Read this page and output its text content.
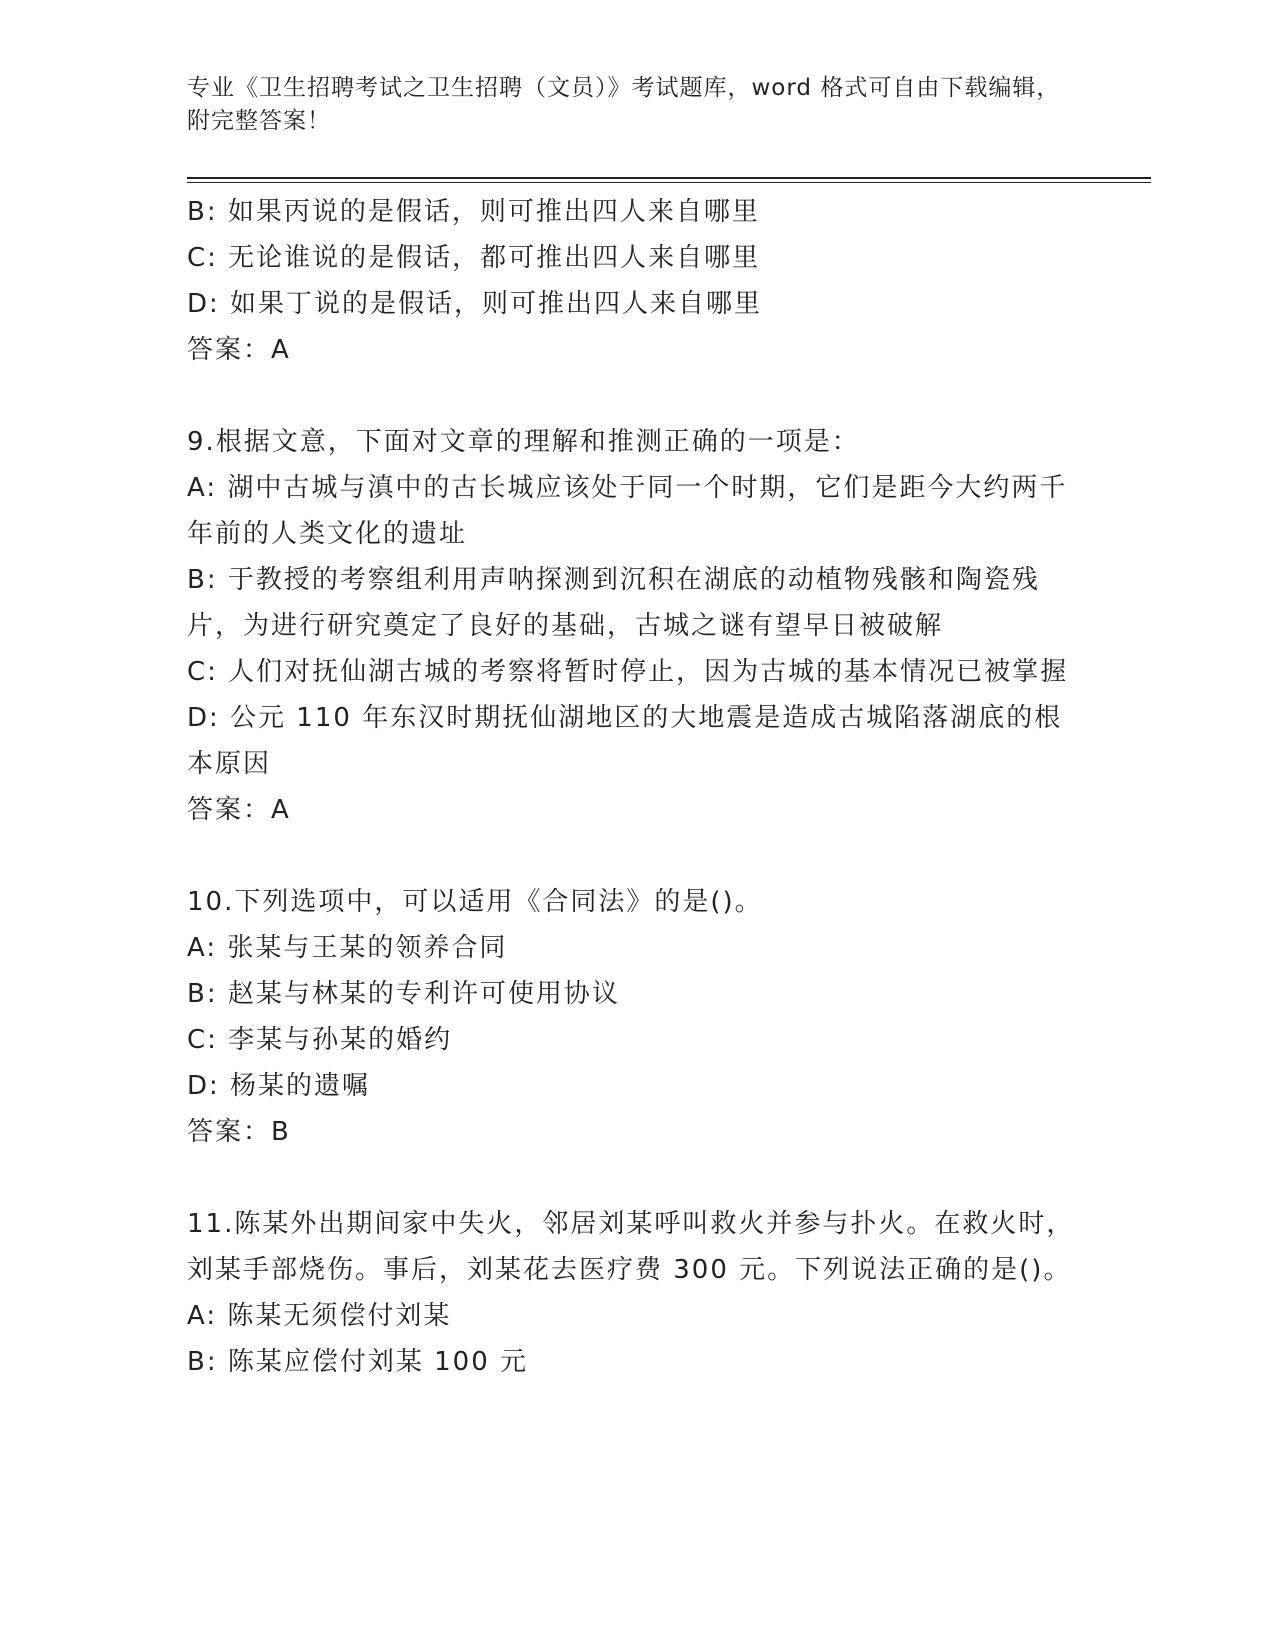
专业《卫生招聘考试之卫生招聘（文员）》考试题库，word 格式可自由下载编辑，附完整答案！
B: 如果丙说的是假话，则可推出四人来自哪里
C: 无论谁说的是假话，都可推出四人来自哪里
D: 如果丁说的是假话，则可推出四人来自哪里
答案：A
9.根据文意，下面对文章的理解和推测正确的一项是：
A: 湖中古城与滇中的古长城应该处于同一个时期，它们是距今大约两千年前的人类文化的遗址
B: 于教授的考察组利用声呐探测到沉积在湖底的动植物残骸和陶瓷残片，为进行研究奠定了良好的基础，古城之谜有望早日被破解
C: 人们对抚仙湖古城的考察将暂时停止，因为古城的基本情况已被掌握
D: 公元 110 年东汉时期抚仙湖地区的大地震是造成古城陷落湖底的根本原因
答案：A
10.下列选项中，可以适用《合同法》的是()。
A: 张某与王某的领养合同
B: 赵某与林某的专利许可使用协议
C: 李某与孙某的婚约
D: 杨某的遗嘱
答案：B
11.陈某外出期间家中失火，邻居刘某呼叫救火并参与扑火。在救火时，刘某手部烧伤。事后，刘某花去医疗费 300 元。下列说法正确的是()。
A: 陈某无须偿付刘某
B: 陈某应偿付刘某 100 元
